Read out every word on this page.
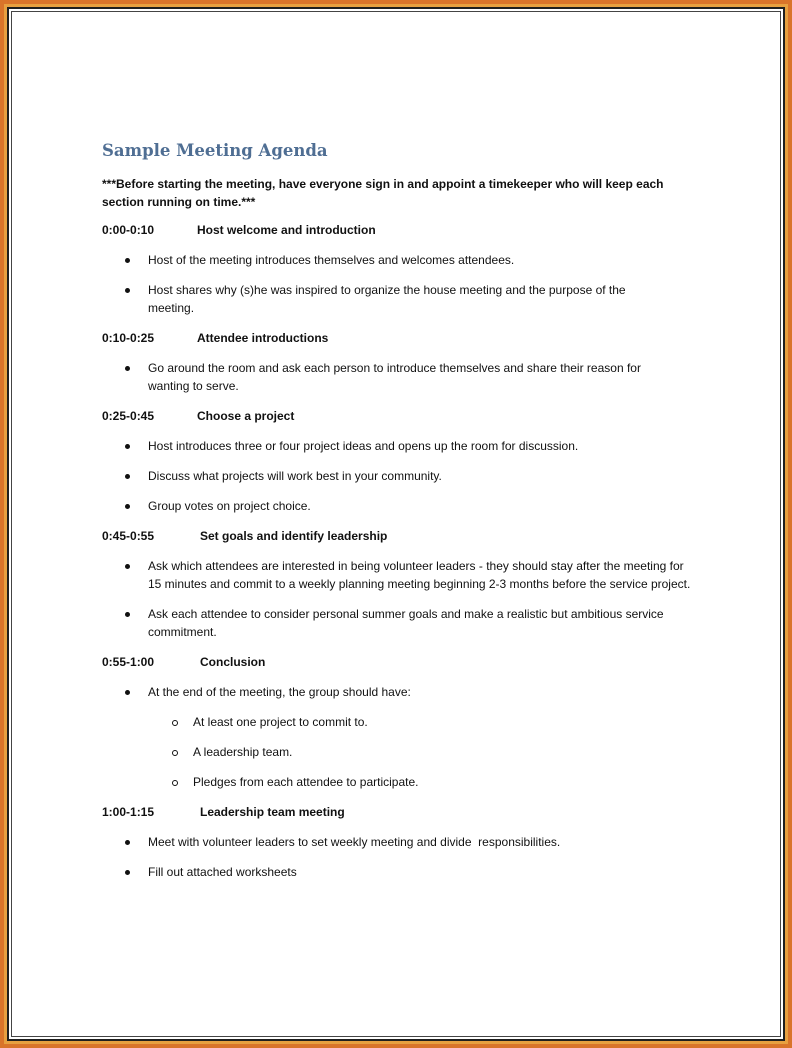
Sample Meeting Agenda
***Before starting the meeting, have everyone sign in and appoint a timekeeper who will keep each section running on time.***
0:00-0:10	Host welcome and introduction
Host of the meeting introduces themselves and welcomes attendees.
Host shares why (s)he was inspired to organize the house meeting and the purpose of the meeting.
0:10-0:25	Attendee introductions
Go around the room and ask each person to introduce themselves and share their reason for wanting to serve.
0:25-0:45	Choose a project
Host introduces three or four project ideas and opens up the room for discussion.
Discuss what projects will work best in your community.
Group votes on project choice.
0:45-0:55	Set goals and identify leadership
Ask which attendees are interested in being volunteer leaders - they should stay after the meeting for 15 minutes and commit to a weekly planning meeting beginning 2-3 months before the service project.
Ask each attendee to consider personal summer goals and make a realistic but ambitious service commitment.
0:55-1:00	Conclusion
At the end of the meeting, the group should have:
At least one project to commit to.
A leadership team.
Pledges from each attendee to participate.
1:00-1:15	Leadership team meeting
Meet with volunteer leaders to set weekly meeting and divide  responsibilities.
Fill out attached worksheets
